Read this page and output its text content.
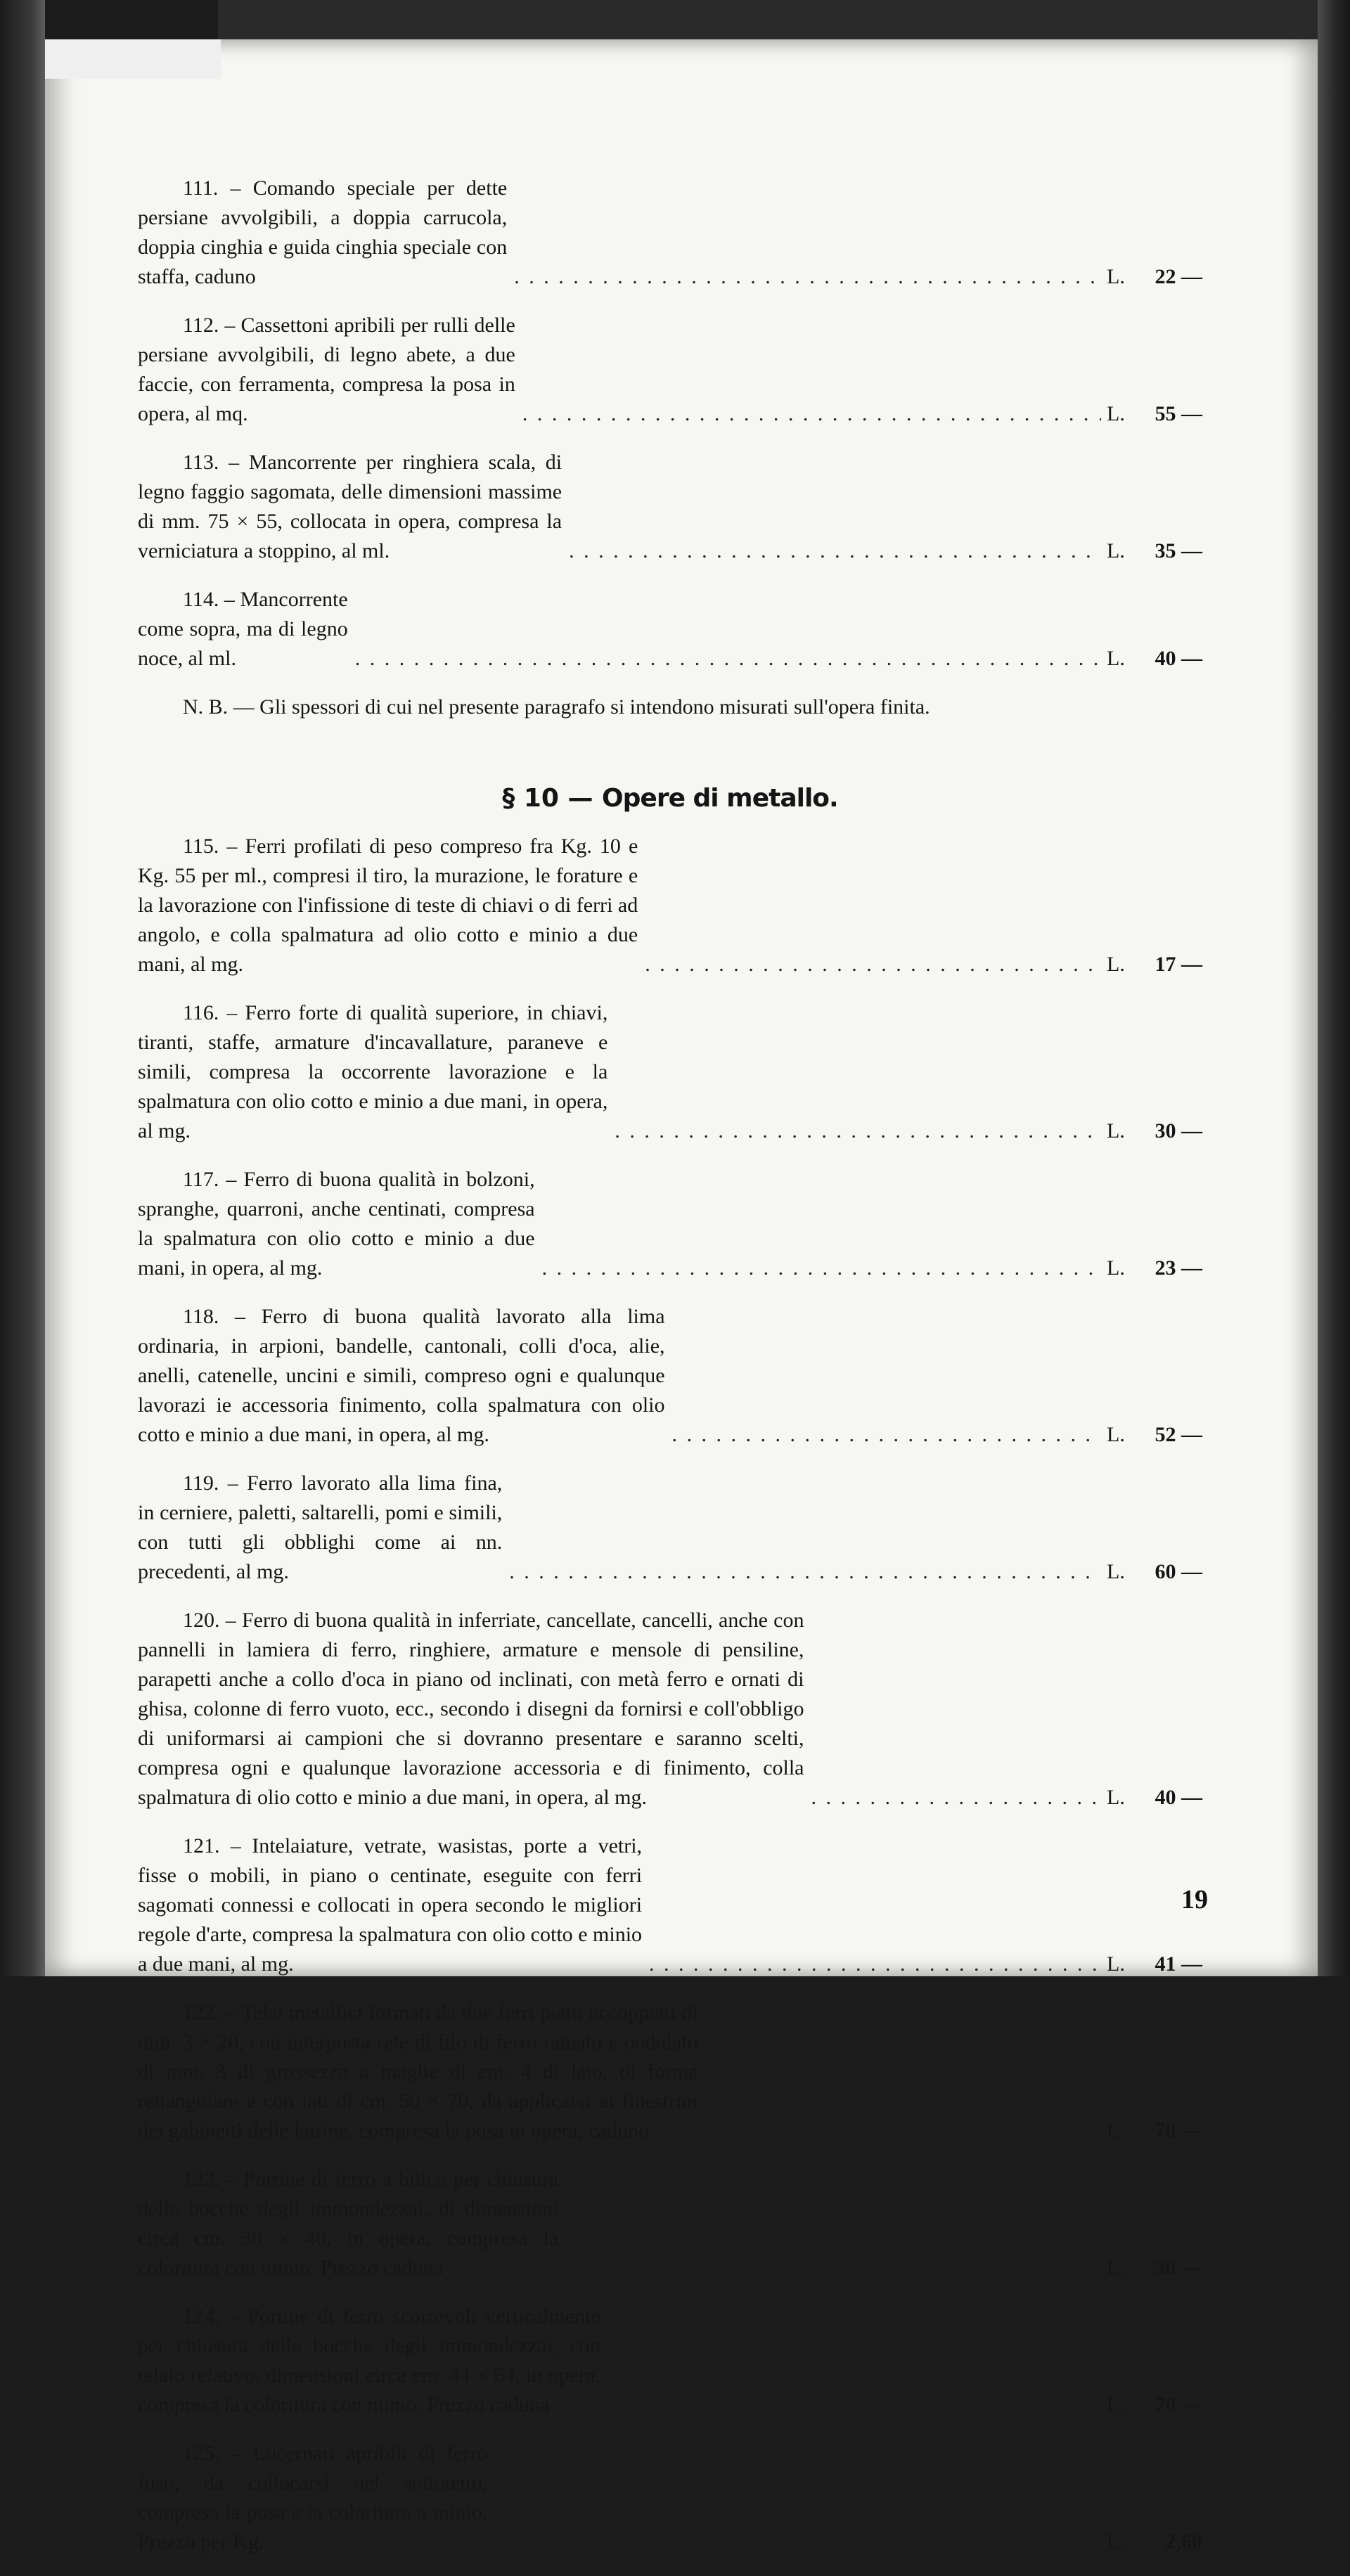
111. – Comando speciale per dette persiane avvolgibili, a doppia carrucola, doppia cinghia e guida cinghia speciale con staffa, caduno . . .	L.	22 —
112. – Cassettoni apribili per rulli delle persiane avvolgibili, di legno abete, a due faccie, con ferramenta, compresa la posa in opera, al mq. . . .	L.	55 —
113. – Mancorrente per ringhiera scala, di legno faggio sagomata, delle dimensioni massime di mm. 75 × 55, collocata in opera, compresa la verniciatura a stoppino, al ml. . . .	L.	35 —
114. – Mancorrente come sopra, ma di legno noce, al ml. . . .	L.	40 —
N. B. — Gli spessori di cui nel presente paragrafo si intendono misurati sull'opera finita.
§ 10 — Opere di metallo.
115. – Ferri profilati di peso compreso fra Kg. 10 e Kg. 55 per ml., compresi il tiro, la murazione, le forature e la lavorazione con l'infissione di teste di chiavi o di ferri ad angolo, e colla spalmatura ad olio cotto e minio a due mani, al mg. . . .	L.	17 —
116. – Ferro forte di qualità superiore, in chiavi, tiranti, staffe, armature d'incavallature, paraneve e simili, compresa la occorrente lavorazione e la spalmatura con olio cotto e minio a due mani, in opera, al mg. . . .	L.	30 —
117. – Ferro di buona qualità in bolzoni, spranghe, quarroni, anche centinati, compresa la spalmatura con olio cotto e minio a due mani, in opera, al mg. . . .	L.	23 —
118. – Ferro di buona qualità lavorato alla lima ordinaria, in arpioni, bandelle, cantonali, colli d'oca, alie, anelli, catenelle, uncini e simili, compreso ogni e qualunque lavorazi ie accessoria finimento, colla spalmatura con olio cotto e minio a due mani, in opera, al mg. . . .	L.	52 —
119. – Ferro lavorato alla lima fina, in cerniere, paletti, saltarelli, pomi e simili, con tutti gli obblighi come ai nn. precedenti, al mg. . . .	L.	60 —
120. – Ferro di buona qualità in inferriate, cancellate, cancelli, anche con pannelli in lamiera di ferro, ringhiere, armature e mensole di pensiline, parapetti anche a collo d'oca in piano od inclinati, con metà ferro e ornati di ghisa, colonne di ferro vuoto, ecc., secondo i disegni da fornirsi e coll'obbligo di uniformarsi ai campioni che si dovranno presentare e saranno scelti, compresa ogni e qualunque lavorazione accessoria e di finimento, colla spalmatura di olio cotto e minio a due mani, in opera, al mg. . . .	L.	40 —
121. – Intelaiature, vetrate, wasistas, porte a vetri, fisse o mobili, in piano o centinate, eseguite con ferri sagomati connessi e collocati in opera secondo le migliori regole d'arte, compresa la spalmatura con olio cotto e minio a due mani, al mg. . . .	L.	41 —
122. – Telai metallici formati da due ferri piatti accoppiati di mm. 3 × 20, con interposta rete di filo di ferro ramato e ondulato di mm. 3 di grossezza a maglie di cm. 4 di lato, di forma rettangolare e con lati di cm. 50 × 70, da applicarsi ai finestrini dei gabinetti delle latrine, compresa la posa in opera, caduno . . .	L.	70 —
123. – Portine di ferro a bilico per chiusura delle bocche degli immondezzai, di dimensioni circa cm. 30 × 40, in opera, compresa la coloritura con minio. Prezzo caduna . . .	L.	30 —
124. – Portine di ferro scorrevoli verticalmente per chiusura delle bocche degli immondezzai, con telaio relativo, dimensioni circa cm. 44 × 64, in opera, compresa la coloritura con minio. Prezzo caduna . . .	L.	70 —
125. – Lucernari apribili di ferro fuso, da collocarsi nel sottotetto, compresa la posa e la coloritura a minio. Prezzo per Kg. . . .	L.	2,60
19
